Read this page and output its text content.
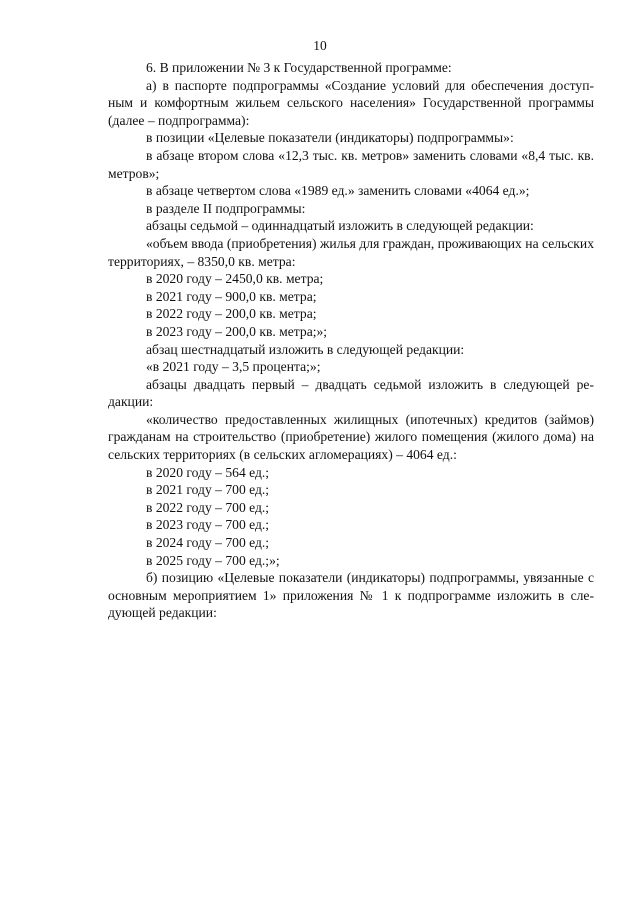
10

6. В приложении № 3 к Государственной программе:

а) в паспорте подпрограммы «Создание условий для обеспечения доступным и комфортным жильем сельского населения» Государственной программы (далее – подпрограмма):

в позиции «Целевые показатели (индикаторы) подпрограммы»:

в абзаце втором слова «12,3 тыс. кв. метров» заменить словами «8,4 тыс. кв. метров»;

в абзаце четвертом слова «1989 ед.» заменить словами «4064 ед.»;

в разделе II подпрограммы:

абзацы седьмой – одиннадцатый изложить в следующей редакции:

«объем ввода (приобретения) жилья для граждан, проживающих на сельских территориях, – 8350,0 кв. метра:

в 2020 году – 2450,0 кв. метра;

в 2021 году – 900,0 кв. метра;

в 2022 году – 200,0 кв. метра;

в 2023 году – 200,0 кв. метра;»;

абзац шестнадцатый изложить в следующей редакции:

«в 2021 году – 3,5 процента;»;

абзацы двадцать первый – двадцать седьмой изложить в следующей редакции:

«количество предоставленных жилищных (ипотечных) кредитов (займов) гражданам на строительство (приобретение) жилого помещения (жилого дома) на сельских территориях (в сельских агломерациях) – 4064 ед.:

в 2020 году – 564 ед.;

в 2021 году – 700 ед.;

в 2022 году – 700 ед.;

в 2023 году – 700 ед.;

в 2024 году – 700 ед.;

в 2025 году – 700 ед.;»;

б) позицию «Целевые показатели (индикаторы) подпрограммы, увязанные с основным мероприятием 1» приложения № 1 к подпрограмме изложить в следующей редакции:
